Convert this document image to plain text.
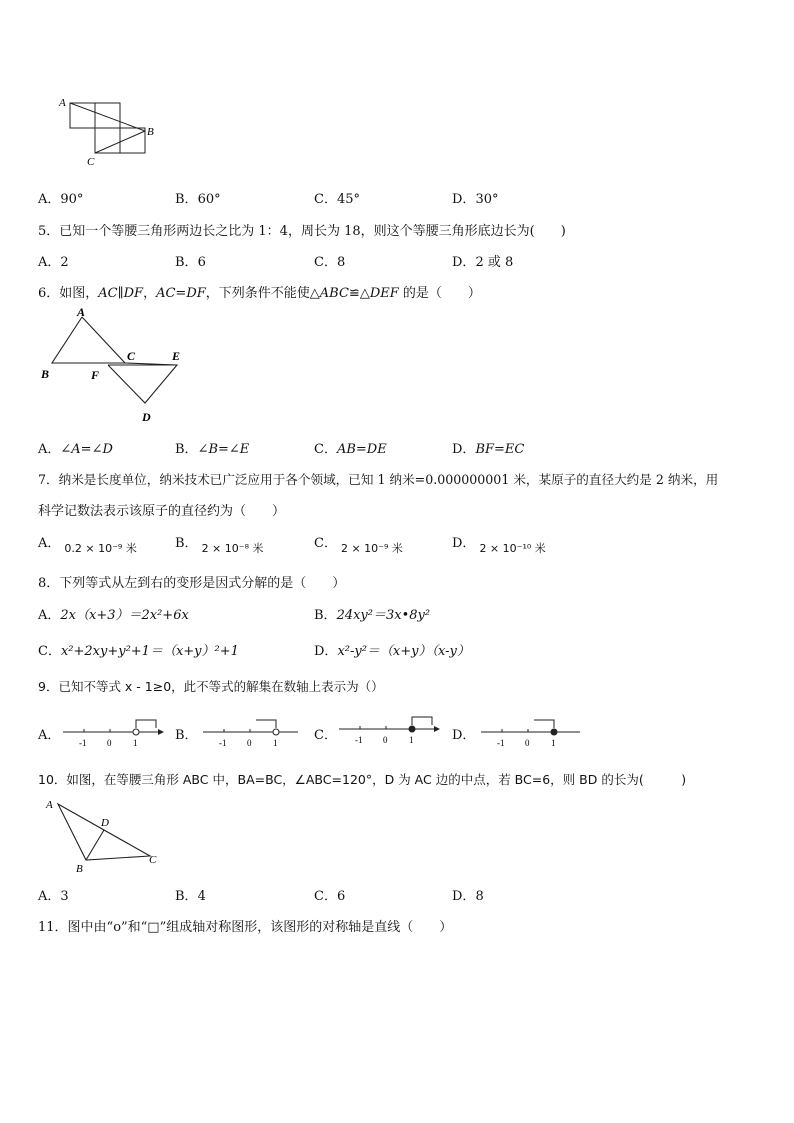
A
B
C
A．90°	B．60°	C．45°	D．30°
5．已知一个等腰三角形两边长之比为 1：4，周长为 18，则这个等腰三角形底边长为(　　)
A．2	B．6	C．8	D．2 或 8
6．如图，AC∥DF，AC=DF，下列条件不能使△ABC≌△DEF 的是（　　）
A
B
C
D
E
F
A．∠A=∠D	B．∠B=∠E	C．AB=DE	D．BF=EC
7．纳米是长度单位，纳米技术已广泛应用于各个领域，已知 1 纳米=0.000000001 米，某原子的直径大约是 2 纳米，用
科学记数法表示该原子的直径约为（　　）
A． $_{0.2 \times 10^{-9} 米}$	B． $_{2 \times 10^{-8} 米}$	C． $_{2 \times 10^{-9} 米}$	D． $_{2 \times 10^{-10} 米}$
8．下列等式从左到右的变形是因式分解的是（　　）
A．2x（x+3）＝2x²+6x	B．24xy²＝3x•8y²
C．x²+2xy+y²+1＝（x+y）²+1	D．x²-y²＝（x+y）（x-y）
9．已知不等式 x - 1≥0，此不等式的解集在数轴上表示为（）
A． -1 0 1	B． -1 0 1	C． -1 0 1	D． -1 0 1
10．如图，在等腰三角形 ABC 中，BA=BC，∠ABC=120°，D 为 AC 边的中点，若 BC=6，则 BD 的长为(　　　)
A
B
C
D
A．3	B．4	C．6	D．8
11．图中由“o”和“□”组成轴对称图形，该图形的对称轴是直线（　　）
